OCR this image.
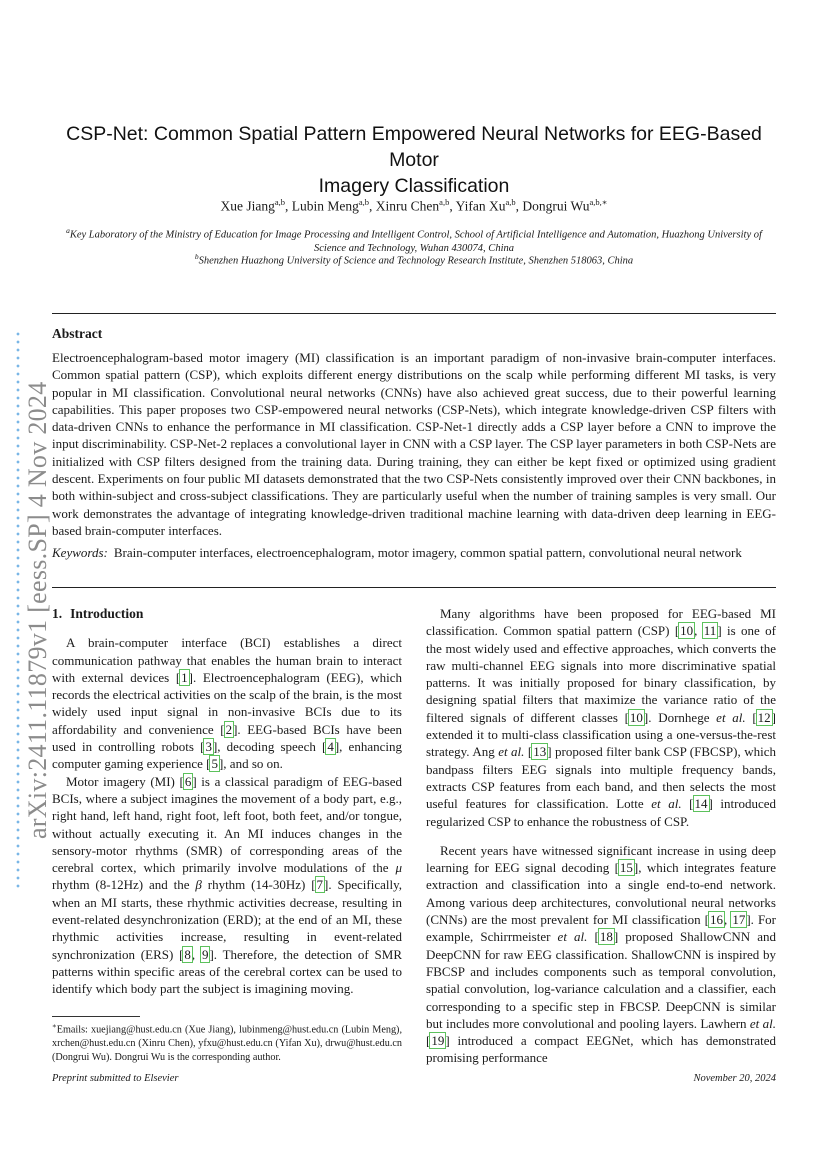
arXiv:2411.11879v1 [eess.SP] 4 Nov 2024
CSP-Net: Common Spatial Pattern Empowered Neural Networks for EEG-Based Motor
Imagery Classification
Xue Jiang$^{a,b}$, Lubin Meng$^{a,b}$, Xinru Chen$^{a,b}$, Yifan Xu$^{a,b}$, Dongrui $Wu^{a,b,∗}$
$^a$Key Laboratory of the Ministry of Education for Image Processing and Intelligent Control, School of Artificial Intelligence and Automation, Huazhong University of Science and Technology, Wuhan 430074, China
$^b$Shenzhen Huazhong University of Science and Technology Research Institute, Shenzhen 518063, China
Abstract
Electroencephalogram-based motor imagery (MI) classification is an important paradigm of non-invasive brain-computer interfaces. Common spatial pattern (CSP), which exploits different energy distributions on the scalp while performing different MI tasks, is very popular in MI classification. Convolutional neural networks (CNNs) have also achieved great success, due to their powerful learning capabilities. This paper proposes two CSP-empowered neural networks (CSP-Nets), which integrate knowledge-driven CSP filters with data-driven CNNs to enhance the performance in MI classification. CSP-Net-1 directly adds a CSP layer before a CNN to improve the input discriminability. CSP-Net-2 replaces a convolutional layer in CNN with a CSP layer. The CSP layer parameters in both CSP-Nets are initialized with CSP filters designed from the training data. During training, they can either be kept fixed or optimized using gradient descent. Experiments on four public MI datasets demonstrated that the two CSP-Nets consistently improved over their CNN backbones, in both within-subject and cross-subject classifications. They are particularly useful when the number of training samples is very small. Our work demonstrates the advantage of integrating knowledge-driven traditional machine learning with data-driven deep learning in EEG-based brain-computer interfaces.
Keywords: Brain-computer interfaces, electroencephalogram, motor imagery, common spatial pattern, convolutional neural network
1. Introduction

A brain-computer interface (BCI) establishes a direct communication pathway that enables the human brain to interact with external devices [1]. Electroencephalogram (EEG), which records the electrical activities on the scalp of the brain, is the most widely used input signal in non-invasive BCIs due to its affordability and convenience [2]. EEG-based BCIs have been used in controlling robots [3], decoding speech [4], enhancing computer gaming experience [5], and so on.

Motor imagery (MI) [6] is a classical paradigm of EEG-based BCIs, where a subject imagines the movement of a body part, e.g., right hand, left hand, right foot, left foot, both feet, and/or tongue, without actually executing it. An MI induces changes in the sensory-motor rhythms (SMR) of corresponding areas of the cerebral cortex, which primarily involve modulations of the μ rhythm (8-12Hz) and the β rhythm (14-30Hz) [7]. Specifically, when an MI starts, these rhythmic activities decrease, resulting in event-related desynchronization (ERD); at the end of an MI, these rhythmic activities increase, resulting in event-related synchronization (ERS) [8, 9]. Therefore, the detection of SMR patterns within specific areas of the cerebral cortex can be used to identify which body part the subject is imagining moving.

Many algorithms have been proposed for EEG-based MI classification. Common spatial pattern (CSP) [10, 11] is one of the most widely used and effective approaches, which converts the raw multi-channel EEG signals into more discriminative spatial patterns. It was initially proposed for binary classification, by designing spatial filters that maximize the variance ratio of the filtered signals of different classes [10]. Dornhege et al. [12] extended it to multi-class classification using a one-versus-the-rest strategy. Ang et al. [13] proposed filter bank CSP (FBCSP), which bandpass filters EEG signals into multiple frequency bands, extracts CSP features from each band, and then selects the most useful features for classification. Lotte et al. [14] introduced regularized CSP to enhance the robustness of CSP.

Recent years have witnessed significant increase in using deep learning for EEG signal decoding [15], which integrates feature extraction and classification into a single end-to-end network. Among various deep architectures, convolutional neural networks (CNNs) are the most prevalent for MI classification [16, 17]. For example, Schirrmeister et al. [18] proposed ShallowCNN and DeepCNN for raw EEG classification. ShallowCNN is inspired by FBCSP and includes components such as temporal convolution, spatial convolution, log-variance calculation and a classifier, each corresponding to a specific step in FBCSP. DeepCNN is similar but includes more convolutional and pooling layers. Lawhern et al. [19] introduced a compact EEGNet, which has demonstrated promising performance

∗Emails: xuejiang@hust.edu.cn (Xue Jiang), lubinmeng@hust.edu.cn (Lubin Meng), xrchen@hust.edu.cn (Xinru Chen), yfxu@hust.edu.cn (Yifan Xu), drwu@hust.edu.cn (Dongrui Wu). Dongrui Wu is the corresponding author.
Preprint submitted to Elsevier	November 20, 2024
